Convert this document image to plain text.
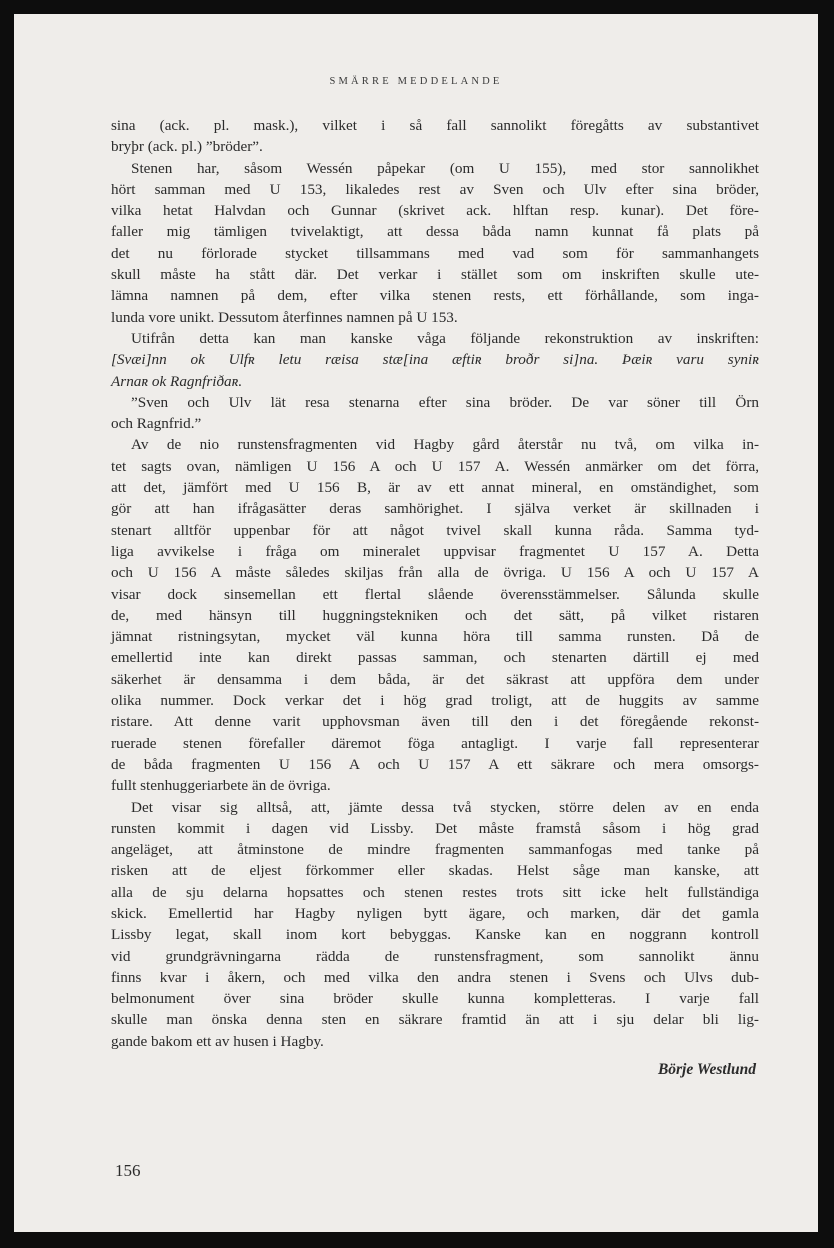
SMÄRRE MEDDELANDE
sina (ack. pl. mask.), vilket i så fall sannolikt föregåtts av substantivet
bryþr (ack. pl.) ”bröder”.
Stenen har, såsom Wessén påpekar (om U 155), med stor sannolikhet
hört samman med U 153, likaledes rest av Sven och Ulv efter sina bröder,
vilka hetat Halvdan och Gunnar (skrivet ack. hlftan resp. kunar). Det före-
faller mig tämligen tvivelaktigt, att dessa båda namn kunnat få plats på
det nu förlorade stycket tillsammans med vad som för sammanhangets
skull måste ha stått där. Det verkar i stället som om inskriften skulle ute-
lämna namnen på dem, efter vilka stenen rests, ett förhållande, som inga-
lunda vore unikt. Dessutom återfinnes namnen på U 153.
Utifrån detta kan man kanske våga följande rekonstruktion av inskriften:
[Svæi]nn ok Ulfʀ letu ræisa stæ[ina æftiʀ broðr si]na. Þæiʀ varu syniʀ
Arnaʀ ok Ragnfriðaʀ.
”Sven och Ulv lät resa stenarna efter sina bröder. De var söner till Örn
och Ragnfrid.”
Av de nio runstensfragmenten vid Hagby gård återstår nu två, om vilka in-
tet sagts ovan, nämligen U 156 A och U 157 A. Wessén anmärker om det förra,
att det, jämfört med U 156 B, är av ett annat mineral, en omständighet, som
gör att han ifrågasätter deras samhörighet. I själva verket är skillnaden i
stenart alltför uppenbar för att något tvivel skall kunna råda. Samma tyd-
liga avvikelse i fråga om mineralet uppvisar fragmentet U 157 A. Detta
och U 156 A måste således skiljas från alla de övriga. U 156 A och U 157 A
visar dock sinsemellan ett flertal slående överensstämmelser. Sålunda skulle
de, med hänsyn till huggningstekniken och det sätt, på vilket ristaren
jämnat ristningsytan, mycket väl kunna höra till samma runsten. Då de
emellertid inte kan direkt passas samman, och stenarten därtill ej med
säkerhet är densamma i dem båda, är det säkrast att uppföra dem under
olika nummer. Dock verkar det i hög grad troligt, att de huggits av samme
ristare. Att denne varit upphovsman även till den i det föregående rekonst-
ruerade stenen förefaller däremot föga antagligt. I varje fall representerar
de båda fragmenten U 156 A och U 157 A ett säkrare och mera omsorgs-
fullt stenhuggeriarbete än de övriga.
Det visar sig alltså, att, jämte dessa två stycken, större delen av en enda
runsten kommit i dagen vid Lissby. Det måste framstå såsom i hög grad
angeläget, att åtminstone de mindre fragmenten sammanfogas med tanke på
risken att de eljest förkommer eller skadas. Helst såge man kanske, att
alla de sju delarna hopsattes och stenen restes trots sitt icke helt fullständiga
skick. Emellertid har Hagby nyligen bytt ägare, och marken, där det gamla
Lissby legat, skall inom kort bebyggas. Kanske kan en noggrann kontroll
vid grundgrävningarna rädda de runstensfragment, som sannolikt ännu
finns kvar i åkern, och med vilka den andra stenen i Svens och Ulvs dub-
belmonument över sina bröder skulle kunna kompletteras. I varje fall
skulle man önska denna sten en säkrare framtid än att i sju delar bli lig-
gande bakom ett av husen i Hagby.
Börje Westlund
156
